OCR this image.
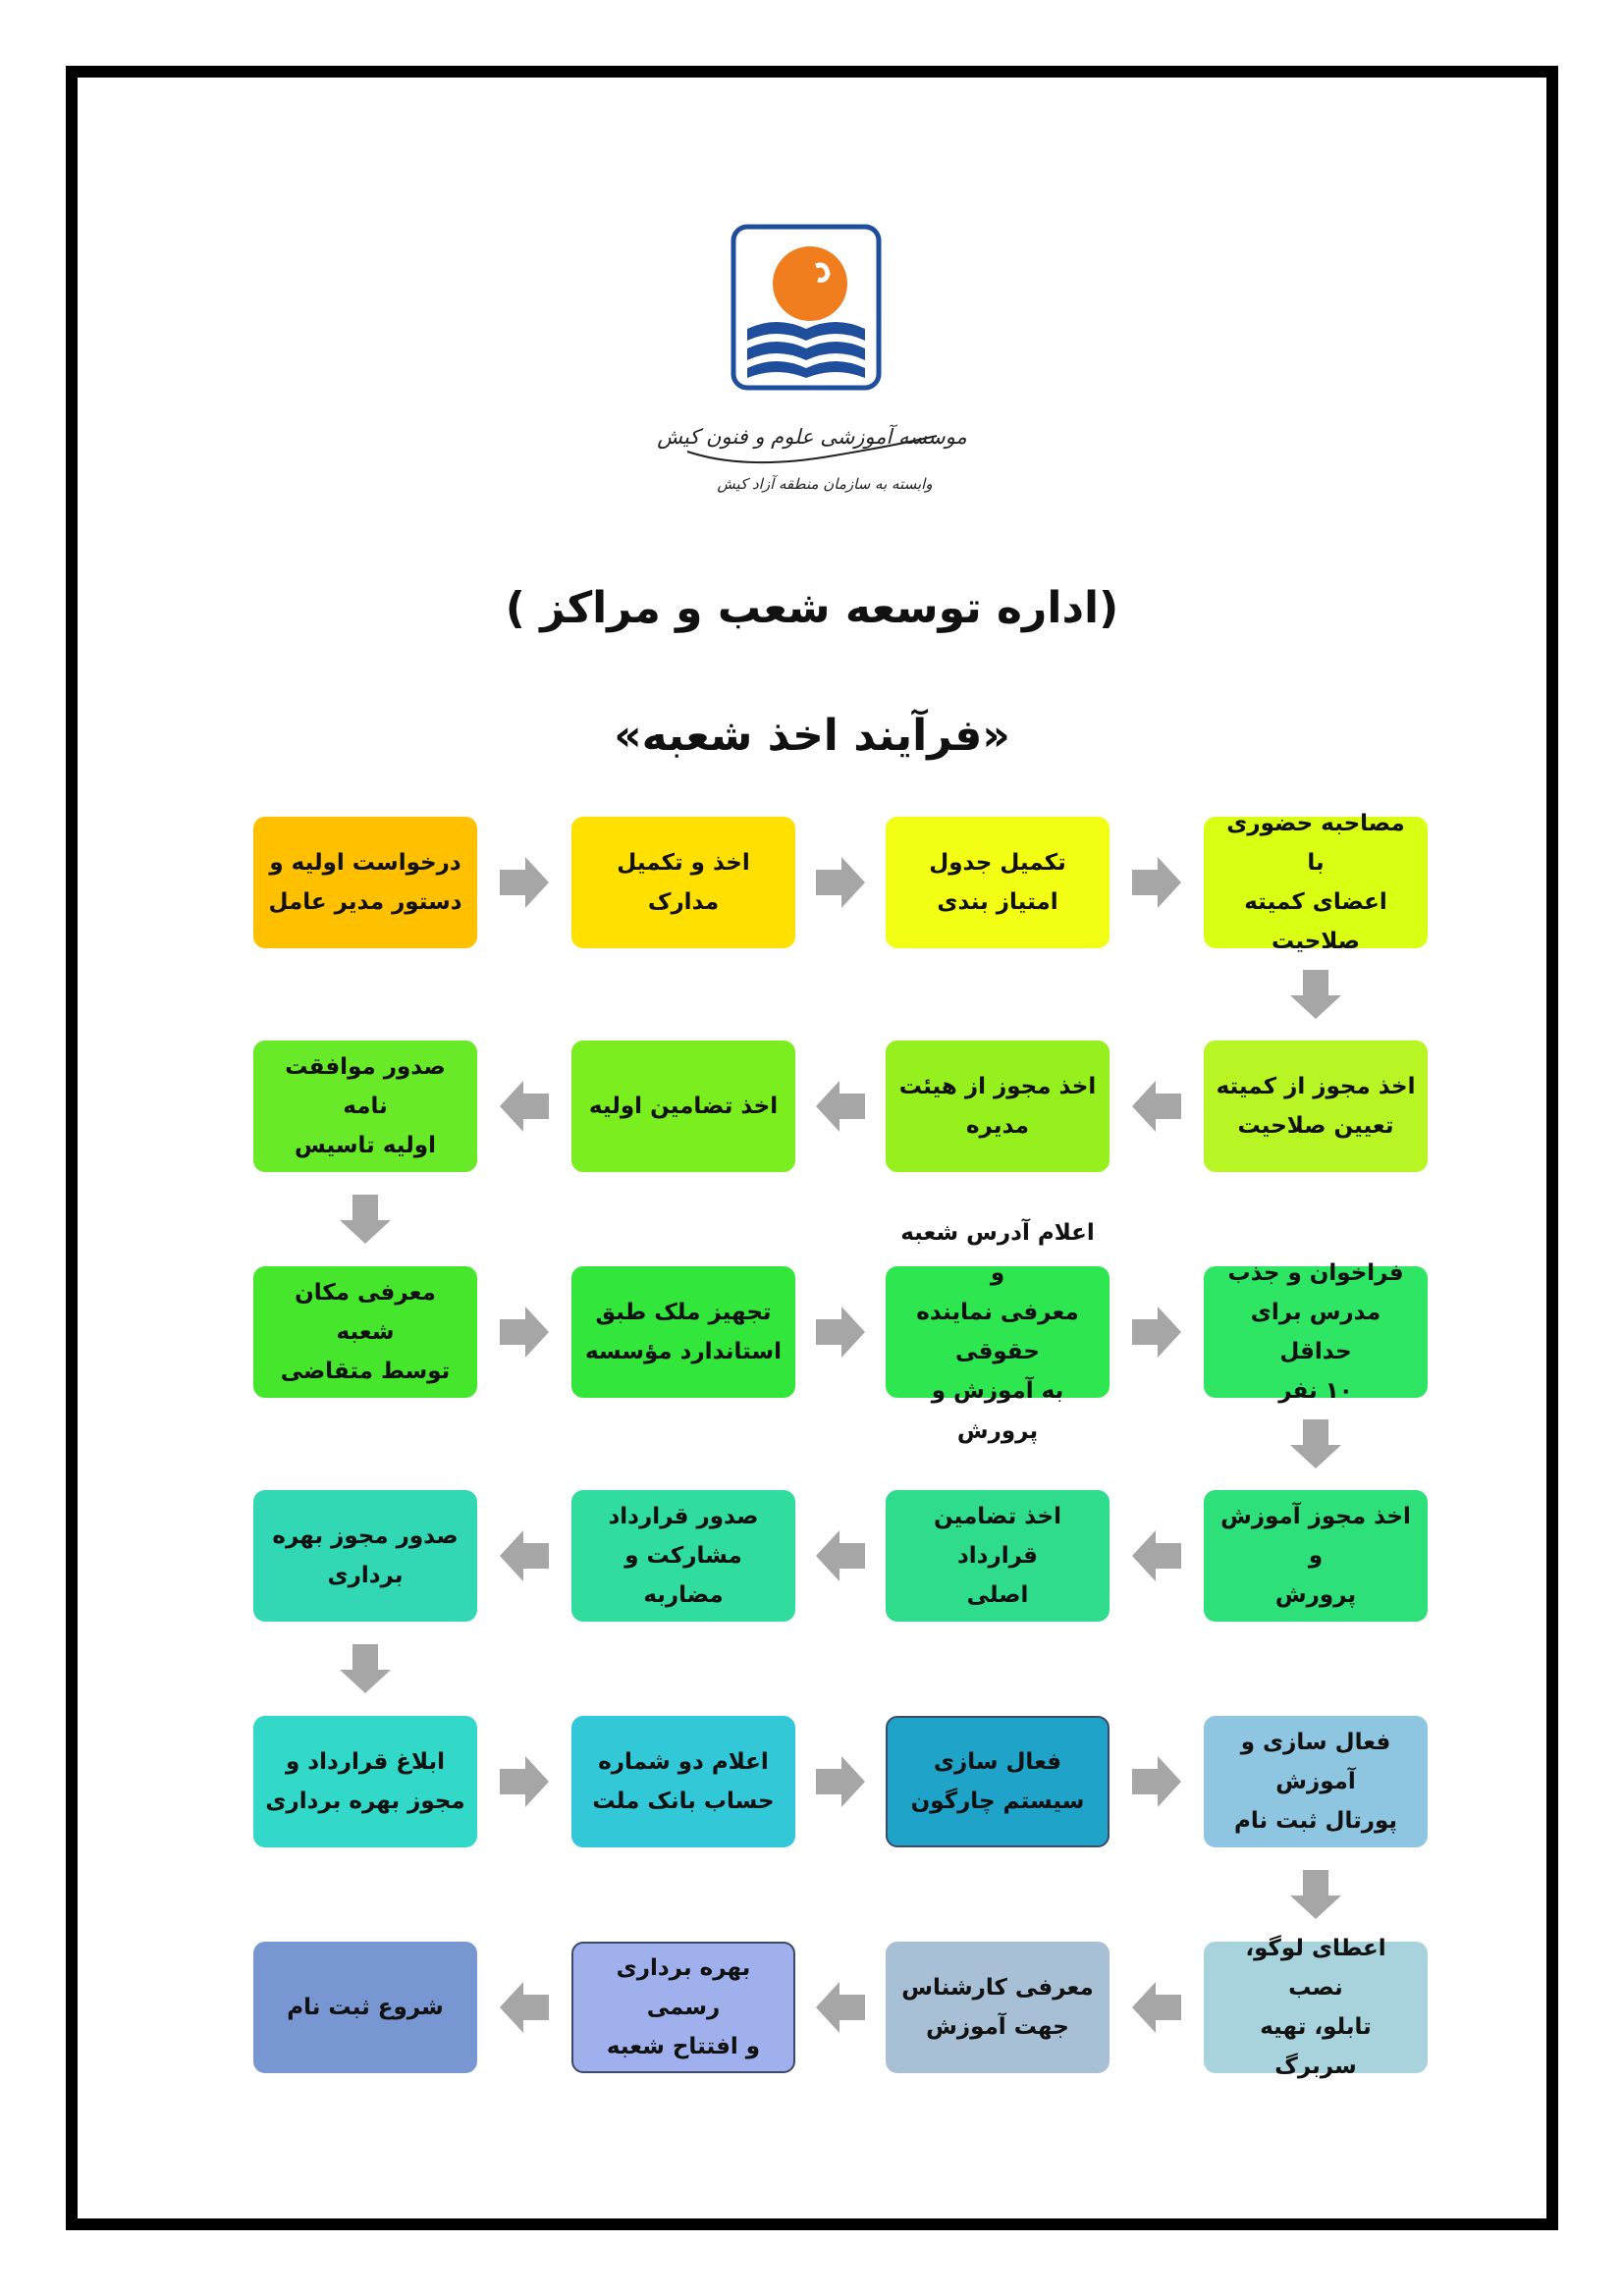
موسسه آموزشی علوم و فنون کیش
وابسته به سازمان منطقه آزاد کیش
(اداره توسعه شعب و مراکز )
«فرآیند اخذ شعبه»
درخواست اولیه و
دستور مدیر عامل
اخذ و تکمیل
مدارک
تکمیل جدول
امتیاز بندی
مصاحبه حضوری با
اعضای کمیته
صلاحیت
اخذ مجوز از کمیته
تعیین صلاحیت
اخذ مجوز از هیئت
مدیره
اخذ تضامین اولیه
صدور موافقت نامه
اولیه تاسیس
معرفی مکان شعبه
توسط متقاضی
تجهیز ملک طبق
استاندارد مؤسسه
اعلام آدرس شعبه و
معرفی نماینده حقوقی
به آموزش و پرورش
فراخوان و جذب
مدرس برای حداقل
۱۰ نفر
اخذ مجوز آموزش و
پرورش
اخذ تضامین قرارداد
اصلی
صدور قرارداد
مشارکت و مضاربه
صدور مجوز بهره
برداری
ابلاغ قرارداد و
مجوز بهره برداری
اعلام دو شماره
حساب بانک ملت
فعال سازی
سیستم چارگون
فعال سازی و آموزش
پورتال ثبت نام
اعطای لوگو، نصب
تابلو، تهیه سربرگ
معرفی کارشناس
جهت آموزش
بهره برداری رسمی
و افتتاح شعبه
شروع ثبت نام
